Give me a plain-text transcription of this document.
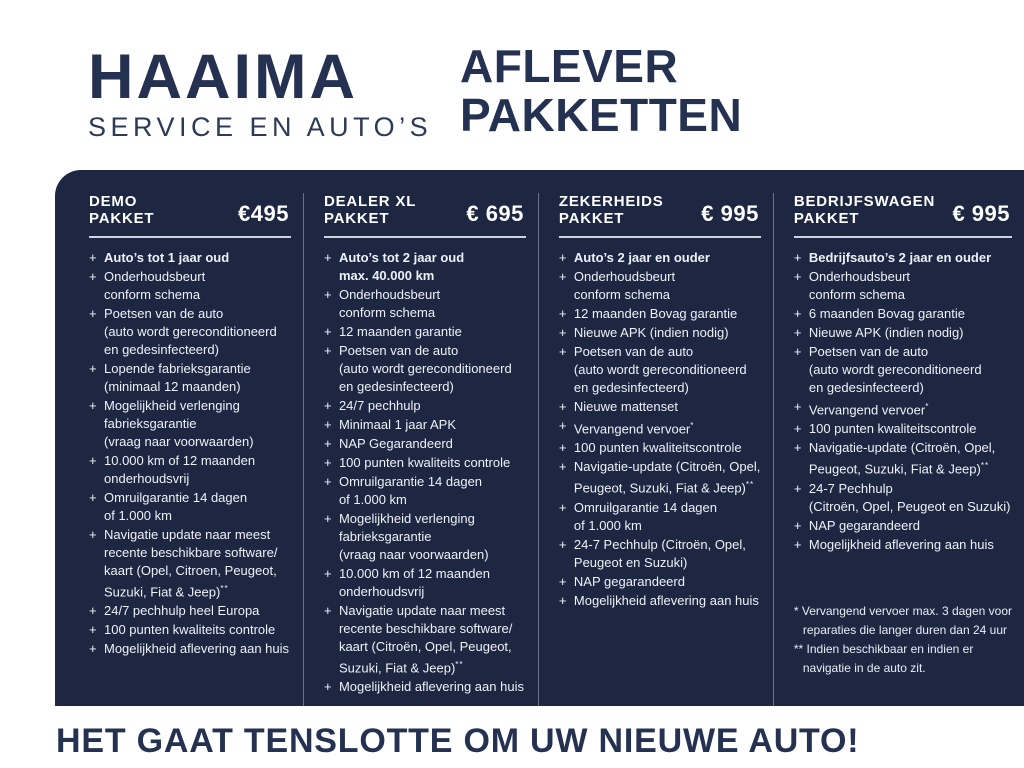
HAAIMA
SERVICE EN AUTO’S
AFLEVER
PAKKETTEN
DEMO
PAKKET	€495
+ Auto’s tot 1 jaar oud
+ Onderhoudsbeurt
conform schema
+ Poetsen van de auto
(auto wordt gereconditioneerd
en gedesinfecteerd)
+ Lopende fabrieksgarantie
(minimaal 12 maanden)
+ Mogelijkheid verlenging
fabrieksgarantie
(vraag naar voorwaarden)
+ 10.000 km of 12 maanden
onderhoudsvrij
+ Omruilgarantie 14 dagen
of 1.000 km
+ Navigatie update naar meest
recente beschikbare software/
kaart (Opel, Citroen, Peugeot,
Suzuki, Fiat & Jeep)**
+ 24/7 pechhulp heel Europa
+ 100 punten kwaliteits controle
+ Mogelijkheid aflevering aan huis
DEALER XL
PAKKET	€ 695
+ Auto’s tot 2 jaar oud
max. 40.000 km
+ Onderhoudsbeurt
conform schema
+ 12 maanden garantie
+ Poetsen van de auto
(auto wordt gereconditioneerd
en gedesinfecteerd)
+ 24/7 pechhulp
+ Minimaal 1 jaar APK
+ NAP Gegarandeerd
+ 100 punten kwaliteits controle
+ Omruilgarantie 14 dagen
of 1.000 km
+ Mogelijkheid verlenging
fabrieksgarantie
(vraag naar voorwaarden)
+ 10.000 km of 12 maanden
onderhoudsvrij
+ Navigatie update naar meest
recente beschikbare software/
kaart (Citroën, Opel, Peugeot,
Suzuki, Fiat & Jeep)**
+ Mogelijkheid aflevering aan huis
ZEKERHEIDS
PAKKET	€ 995
+ Auto’s 2 jaar en ouder
+ Onderhoudsbeurt
conform schema
+ 12 maanden Bovag garantie
+ Nieuwe APK (indien nodig)
+ Poetsen van de auto
(auto wordt gereconditioneerd
en gedesinfecteerd)
+ Nieuwe mattenset
+ Vervangend vervoer*
+ 100 punten kwaliteitscontrole
+ Navigatie-update (Citroën, Opel,
Peugeot, Suzuki, Fiat & Jeep)**
+ Omruilgarantie 14 dagen
of 1.000 km
+ 24-7 Pechhulp (Citroën, Opel,
Peugeot en Suzuki)
+ NAP gegarandeerd
+ Mogelijkheid aflevering aan huis
BEDRIJFSWAGEN
PAKKET	€ 995
+ Bedrijfsauto’s 2 jaar en ouder
+ Onderhoudsbeurt
conform schema
+ 6 maanden Bovag garantie
+ Nieuwe APK (indien nodig)
+ Poetsen van de auto
(auto wordt gereconditioneerd
en gedesinfecteerd)
+ Vervangend vervoer*
+ 100 punten kwaliteitscontrole
+ Navigatie-update (Citroën, Opel,
Peugeot, Suzuki, Fiat & Jeep)**
+ 24-7 Pechhulp
(Citroën, Opel, Peugeot en Suzuki)
+ NAP gegarandeerd
+ Mogelijkheid aflevering aan huis
* Vervangend vervoer max. 3 dagen voor
reparaties die langer duren dan 24 uur
** Indien beschikbaar en indien er
navigatie in de auto zit.
HET GAAT TENSLOTTE OM UW NIEUWE AUTO!
